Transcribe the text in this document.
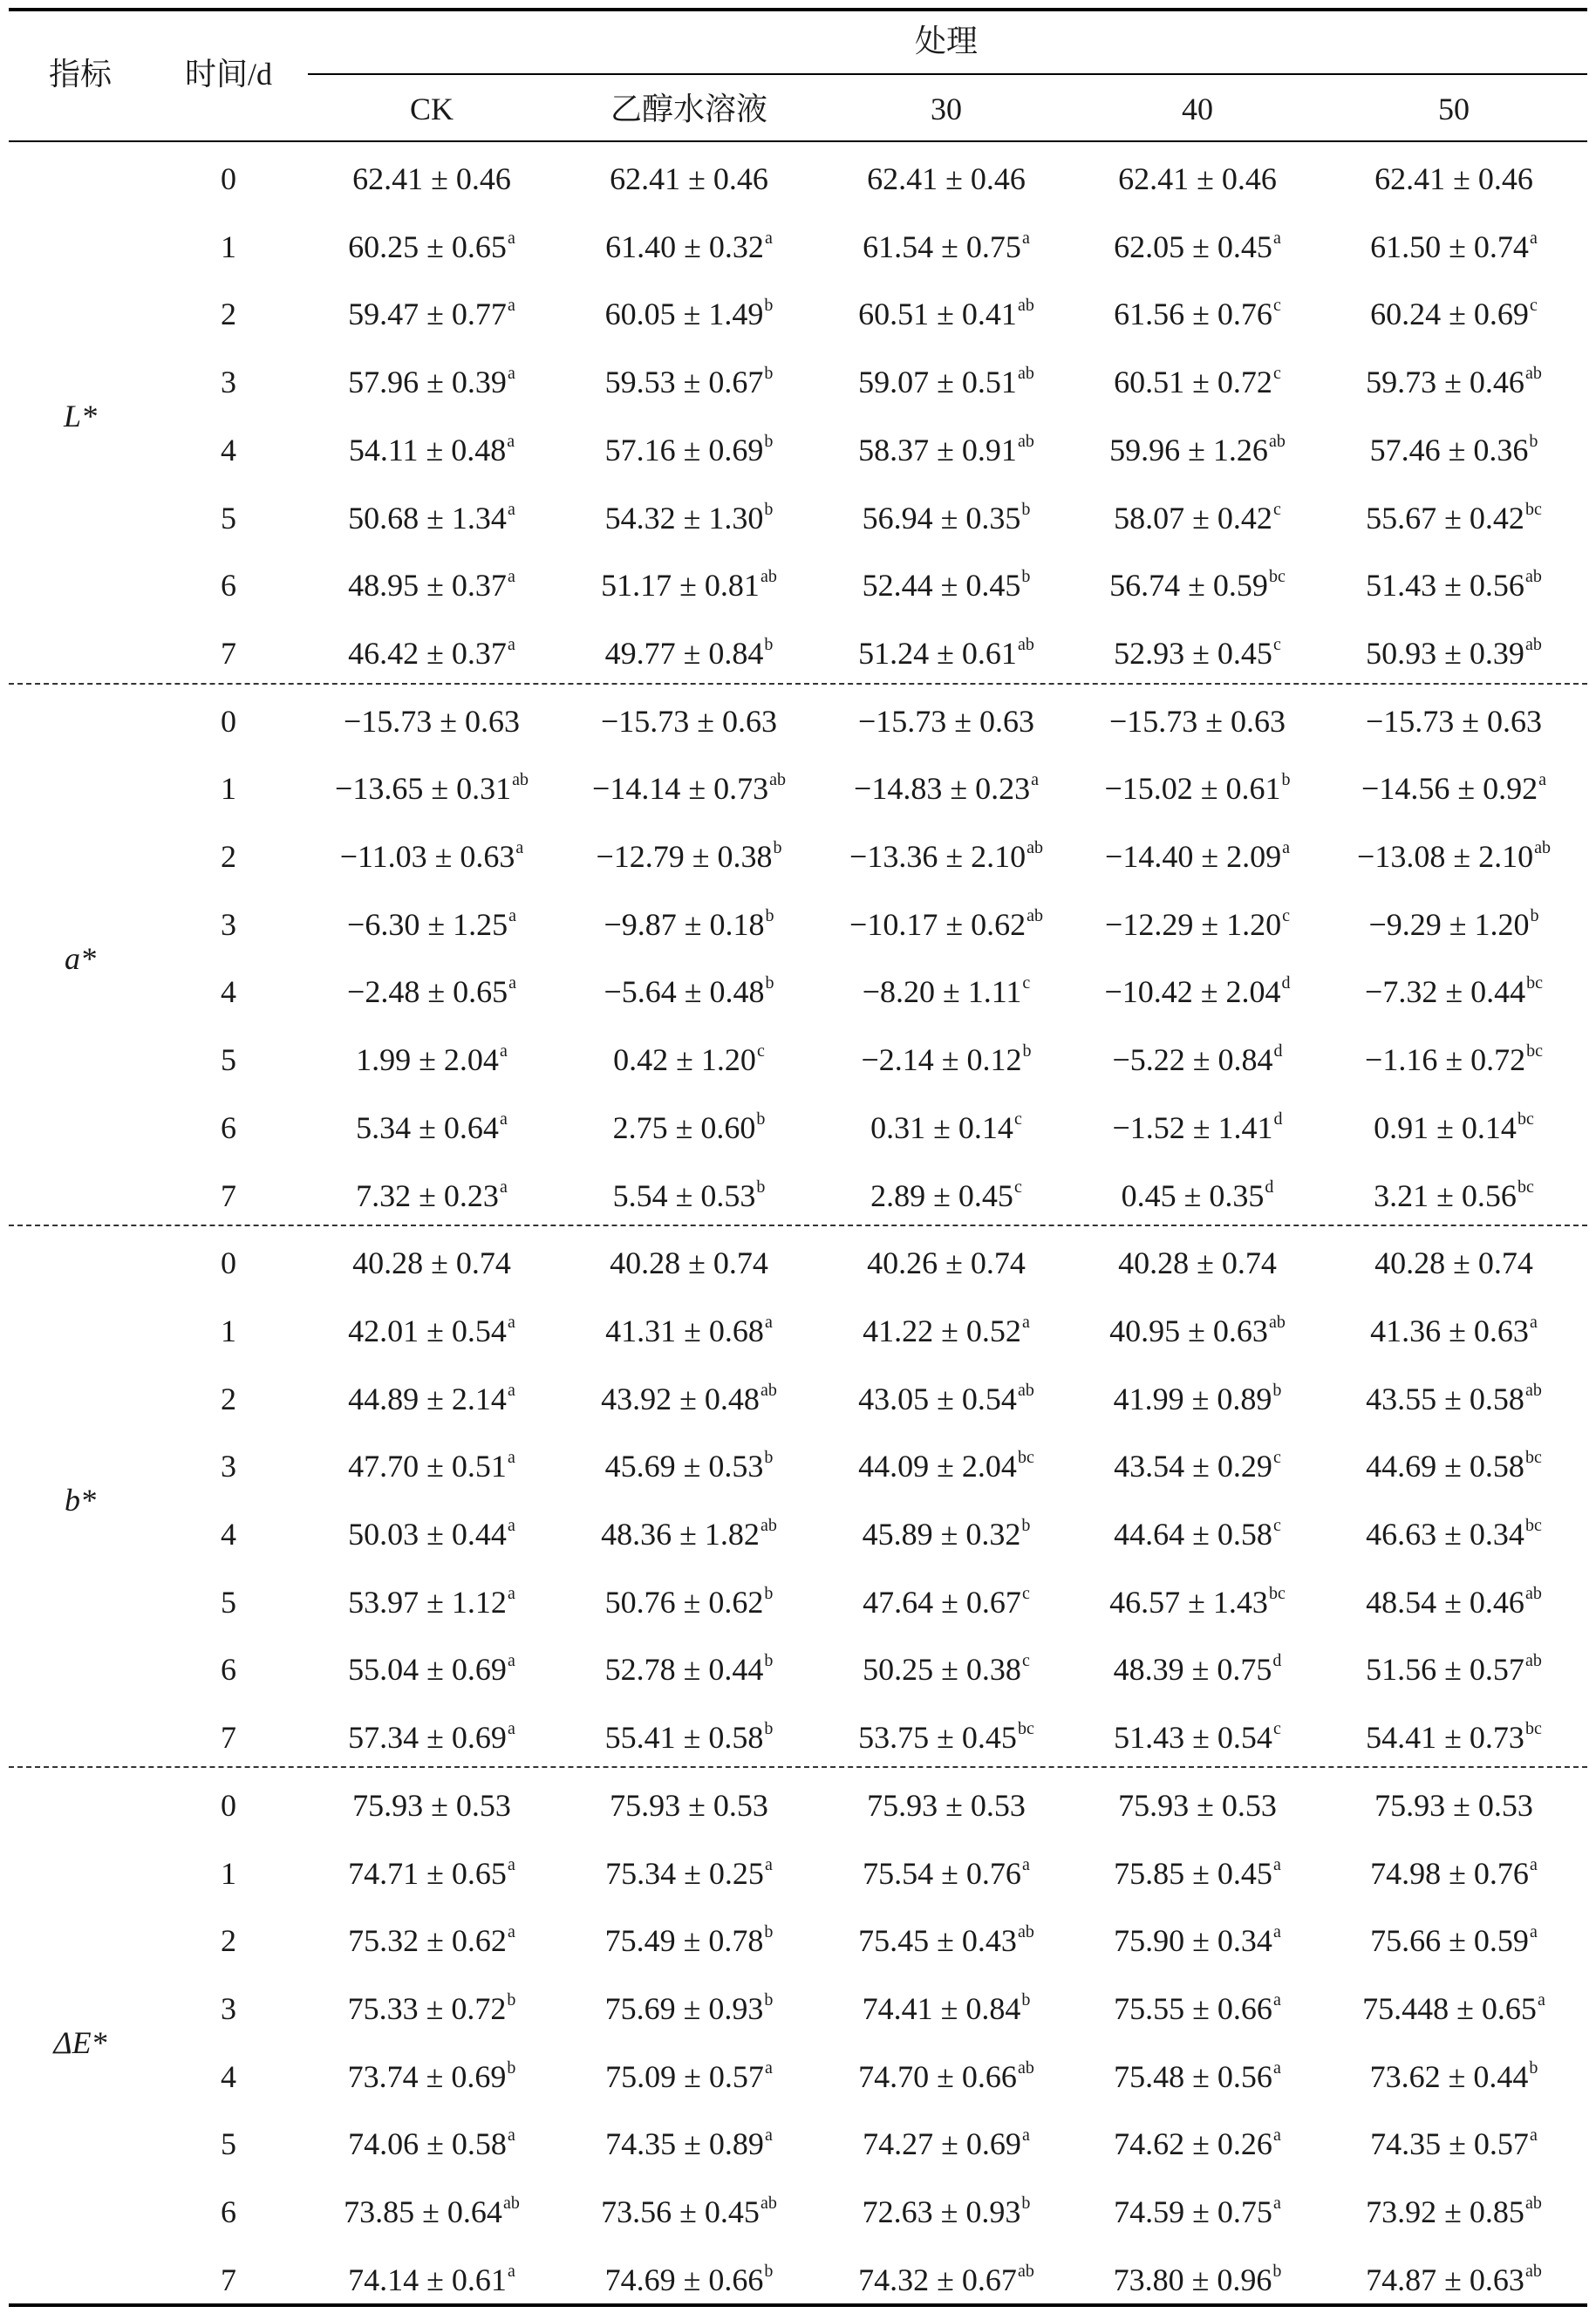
指标 时间/d
处理
CK	乙醇水溶液	30	40	50
0	62.41 ± 0.46	62.41 ± 0.46	62.41 ± 0.46	62.41 ± 0.46	62.41 ± 0.46
1	60.25 ± 0.65$^a$	61.40 ± 0.32$^a$	61.54 ± 0.75$^a$	62.05 ± 0.45$^a$	61.50 ± 0.74$^a$
2	59.47 ± 0.77$^a$	60.05 ± 1.49$^b$	60.51 ± 0.41$^{ab}$	61.56 ± 0.76$^c$	60.24 ± 0.69$^c$
3	57.96 ± 0.39$^a$	59.53 ± 0.67$^b$	59.07 ± 0.51$^{ab}$	60.51 ± 0.72$^c$	59.73 ± 0.46$^{ab}$
4	54.11 ± 0.48$^a$	57.16 ± 0.69$^b$	58.37 ± 0.91$^{ab}$ 59.96 ± 1.26$^{ab}$	57.46 ± 0.36$^b$
5	50.68 ± 1.34$^a$	54.32 ± 1.30$^b$	56.94 ± 0.35$^b$	58.07 ± 0.42$^c$	55.67 ± 0.42$^{bc}$
6	48.95 ± 0.37$^a$	51.17 ± 0.81$^{ab}$	52.44 ± 0.45$^b$	56.74 ± 0.59$^{bc}$	51.43 ± 0.56$^{ab}$
7	46.42 ± 0.37$^a$	49.77 ± 0.84$^b$	51.24 ± 0.61$^{ab}$	52.93 ± 0.45$^c$	50.93 ± 0.39$^{ab}$
L*
0	−15.73 ± 0.63	−15.73 ± 0.63	−15.73 ± 0.63 −15.73 ± 0.63	−15.73 ± 0.63
1	−13.65 ± 0.31$^{ab}$ −14.14 ± 0.73$^{ab}$ −14.83 ± 0.23$^a$ −15.02 ± 0.61$^b$ −14.56 ± 0.92$^a$
2	−11.03 ± 0.63$^a$ −12.79 ± 0.38$^b$ −13.36 ± 2.10$^{ab}$ −14.40 ± 2.09$^a$ −13.08 ± 2.10$^{ab}$
3	−6.30 ± 1.25$^a$	−9.87 ± 0.18$^b$ −10.17 ± 0.62$^{ab}$ −12.29 ± 1.20$^c$	−9.29 ± 1.20$^b$
4	−2.48 ± 0.65$^a$	−5.64 ± 0.48$^b$	−8.20 ± 1.11$^c$ −10.42 ± 2.04$^d$ −7.32 ± 0.44$^{bc}$
5	1.99 ± 2.04$^a$	0.42 ± 1.20$^c$	−2.14 ± 0.12$^b$	−5.22 ± 0.84$^d$	−1.16 ± 0.72$^{bc}$
6	5.34 ± 0.64$^a$	2.75 ± 0.60$^b$	0.31 ± 0.14$^c$	−1.52 ± 1.41$^d$	0.91 ± 0.14$^{bc}$
7	7.32 ± 0.23$^a$	5.54 ± 0.53$^b$	2.89 ± 0.45$^c$	0.45 ± 0.35$^d$	3.21 ± 0.56$^{bc}$
a*
0	40.28 ± 0.74	40.28 ± 0.74	40.26 ± 0.74	40.28 ± 0.74	40.28 ± 0.74
1	42.01 ± 0.54$^a$	41.31 ± 0.68$^a$	41.22 ± 0.52$^a$	40.95 ± 0.63$^{ab}$	41.36 ± 0.63$^a$
2	44.89 ± 2.14$^a$	43.92 ± 0.48$^{ab}$	43.05 ± 0.54$^{ab}$	41.99 ± 0.89$^b$	43.55 ± 0.58$^{ab}$
3	47.70 ± 0.51$^a$	45.69 ± 0.53$^b$	44.09 ± 2.04$^{bc}$	43.54 ± 0.29$^c$	44.69 ± 0.58$^{bc}$
4	50.03 ± 0.44$^a$	48.36 ± 1.82$^{ab}$	45.89 ± 0.32$^b$	44.64 ± 0.58$^c$	46.63 ± 0.34$^{bc}$
5	53.97 ± 1.12$^a$	50.76 ± 0.62$^b$	47.64 ± 0.67$^c$	46.57 ± 1.43$^{bc}$	48.54 ± 0.46$^{ab}$
6	55.04 ± 0.69$^a$	52.78 ± 0.44$^b$	50.25 ± 0.38$^c$	48.39 ± 0.75$^d$	51.56 ± 0.57$^{ab}$
7	57.34 ± 0.69$^a$	55.41 ± 0.58$^b$	53.75 ± 0.45$^{bc}$	51.43 ± 0.54$^c$	54.41 ± 0.73$^{bc}$
b*
0	75.93 ± 0.53	75.93 ± 0.53	75.93 ± 0.53	75.93 ± 0.53	75.93 ± 0.53
1	74.71 ± 0.65$^a$	75.34 ± 0.25$^a$	75.54 ± 0.76$^a$	75.85 ± 0.45$^a$	74.98 ± 0.76$^a$
2	75.32 ± 0.62$^a$	75.49 ± 0.78$^b$	75.45 ± 0.43$^{ab}$	75.90 ± 0.34$^a$	75.66 ± 0.59$^a$
3	75.33 ± 0.72$^b$	75.69 ± 0.93$^b$	74.41 ± 0.84$^b$	75.55 ± 0.66$^a$	75.448 ± 0.65$^a$
4	73.74 ± 0.69$^b$	75.09 ± 0.57$^a$	74.70 ± 0.66$^{ab}$	75.48 ± 0.56$^a$	73.62 ± 0.44$^b$
5	74.06 ± 0.58$^a$	74.35 ± 0.89$^a$	74.27 ± 0.69$^a$	74.62 ± 0.26$^a$	74.35 ± 0.57$^a$
6	73.85 ± 0.64$^{ab}$	73.56 ± 0.45$^{ab}$	72.63 ± 0.93$^b$	74.59 ± 0.75$^a$	73.92 ± 0.85$^{ab}$
7	74.14 ± 0.61$^a$	74.69 ± 0.66$^b$	74.32 ± 0.67$^{ab}$	73.80 ± 0.96$^b$	74.87 ± 0.63$^{ab}$
ΔE*
